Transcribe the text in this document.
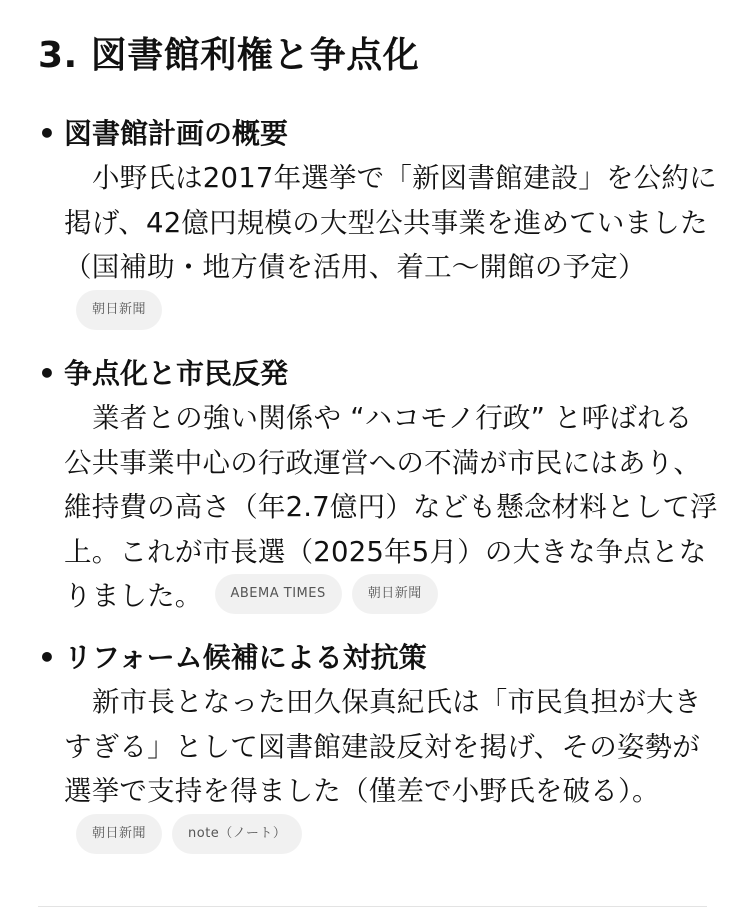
3. 図書館利権と争点化
• 図書館計画の概要

小野氏は2017年選挙で「新図書館建設」を公約に掲げ、42億円規模の大型公共事業を進めていました（国補助・地方債を活用、着工〜開館の予定）朝日新聞

• 争点化と市民反発

業者との強い関係や “ハコモノ行政” と呼ばれる公共事業中心の行政運営への不満が市民にはあり、維持費の高さ（年2.7億円）なども懸念材料として浮上。これが市長選（2025年5月）の大きな争点となりました。 ABEMA TIMES	朝日新聞

• リフォーム候補による対抗策

新市長となった田久保真紀氏は「市民負担が大きすぎる」として図書館建設反対を掲げ、その姿勢が選挙で支持を得ました（僅差で小野氏を破る）。朝日新聞	note（ノート）
